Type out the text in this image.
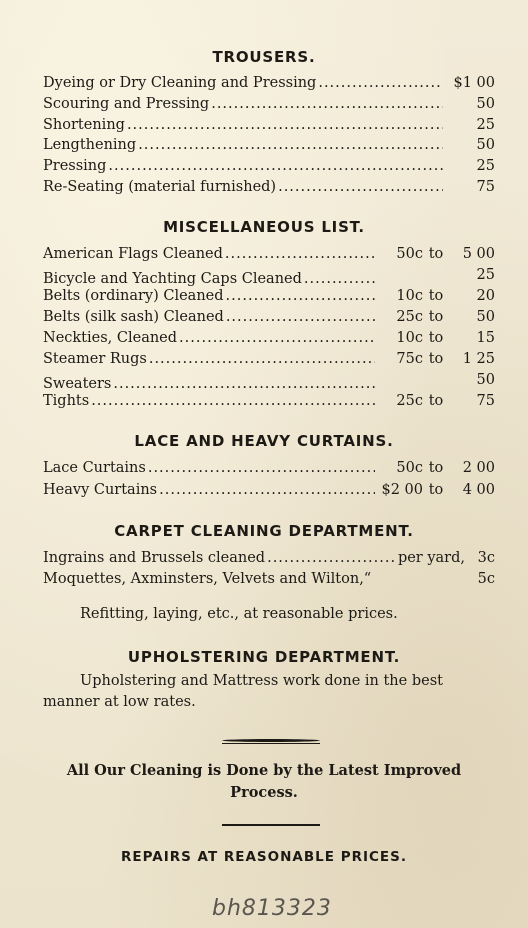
TROUSERS.
Dyeing or Dry Cleaning and Pressing .....	$1 00
Scouring and Pressing .....	50
Shortening .....	25
Lengthening .....	50
Pressing .....	25
Re-Seating (material furnished) .....	75
MISCELLANEOUS LIST.
American Flags Cleaned .....	50c to	5 00
Bicycle and Yachting Caps Cleaned .....	25
Belts (ordinary) Cleaned .....	10c to	20
Belts (silk sash) Cleaned .....	25c to	50
Neckties, Cleaned .....	10c to	15
Steamer Rugs .....	75c to	1 25
Sweaters .....	50
Tights .....	25c to	75
LACE AND HEAVY CURTAINS.
Lace Curtains .....	50c to	2 00
Heavy Curtains .....	$2 00 to	4 00
CARPET CLEANING DEPARTMENT.
Ingrains and Brussels cleaned .....	per yard, 3c
Moquettes, Axminsters, Velvets and Wilton,“	5c
Refitting, laying, etc., at reasonable prices.
UPHOLSTERING DEPARTMENT.
Upholstering and Mattress work done in the best
manner at low rates.
All Our Cleaning is Done by the Latest Improved
Process.
REPAIRS AT REASONABLE PRICES.
bh813323
